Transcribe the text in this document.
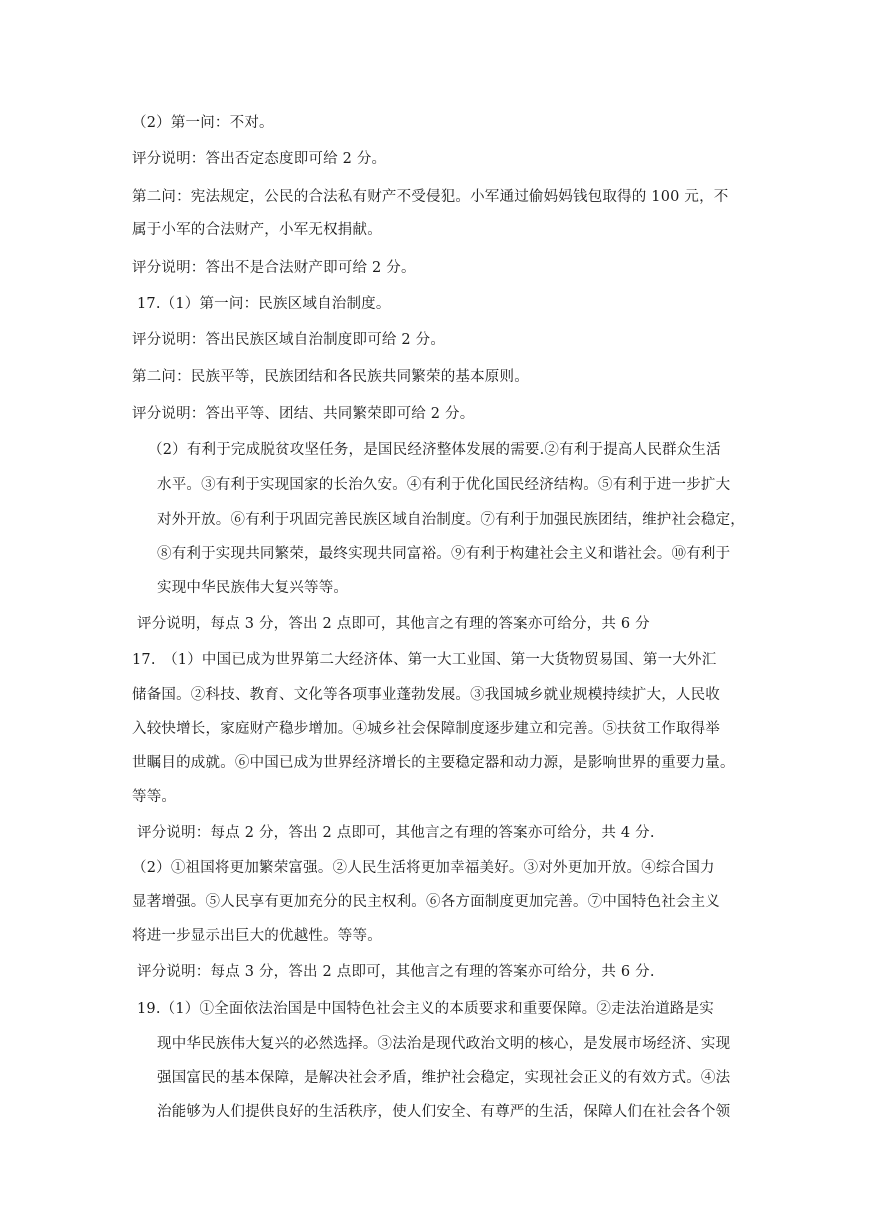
（2）第一问：不对。
评分说明：答出否定态度即可给 2 分。
第二问：宪法规定，公民的合法私有财产不受侵犯。小军通过偷妈妈钱包取得的 100 元，不
属于小军的合法财产，小军无权捐献。
评分说明：答出不是合法财产即可给 2 分。
17.（1）第一问：民族区域自治制度。
评分说明：答出民族区域自治制度即可给 2 分。
第二问：民族平等，民族团结和各民族共同繁荣的基本原则。
评分说明：答出平等、团结、共同繁荣即可给 2 分。
（2）有利于完成脱贫攻坚任务，是国民经济整体发展的需要.②有利于提高人民群众生活
水平。③有利于实现国家的长治久安。④有利于优化国民经济结构。⑤有利于进一步扩大
对外开放。⑥有利于巩固完善民族区域自治制度。⑦有利于加强民族团结，维护社会稳定，
⑧有利于实现共同繁荣，最终实现共同富裕。⑨有利于构建社会主义和谐社会。⑩有利于
实现中华民族伟大复兴等等。
评分说明，每点 3 分，答出 2 点即可，其他言之有理的答案亦可给分，共 6 分
17.　（1）中国已成为世界第二大经济体、第一大工业国、第一大货物贸易国、第一大外汇
储备国。②科技、教育、文化等各项事业蓬勃发展。③我国城乡就业规模持续扩大，人民收
入较快增长，家庭财产稳步增加。④城乡社会保障制度逐步建立和完善。⑤扶贫工作取得举
世瞩目的成就。⑥中国已成为世界经济增长的主要稳定器和动力源，是影响世界的重要力量。
等等。
评分说明：每点 2 分，答出 2 点即可，其他言之有理的答案亦可给分，共 4 分.
（2）①祖国将更加繁荣富强。②人民生活将更加幸福美好。③对外更加开放。④综合国力
显著增强。⑤人民享有更加充分的民主权利。⑥各方面制度更加完善。⑦中国特色社会主义
将进一步显示出巨大的优越性。等等。
评分说明：每点 3 分，答出 2 点即可，其他言之有理的答案亦可给分，共 6 分.
19.（1）①全面依法治国是中国特色社会主义的本质要求和重要保障。②走法治道路是实
现中华民族伟大复兴的必然选择。③法治是现代政治文明的核心，是发展市场经济、实现
强国富民的基本保障，是解决社会矛盾，维护社会稳定，实现社会正义的有效方式。④法
治能够为人们提供良好的生活秩序，使人们安全、有尊严的生活，保障人们在社会各个领
